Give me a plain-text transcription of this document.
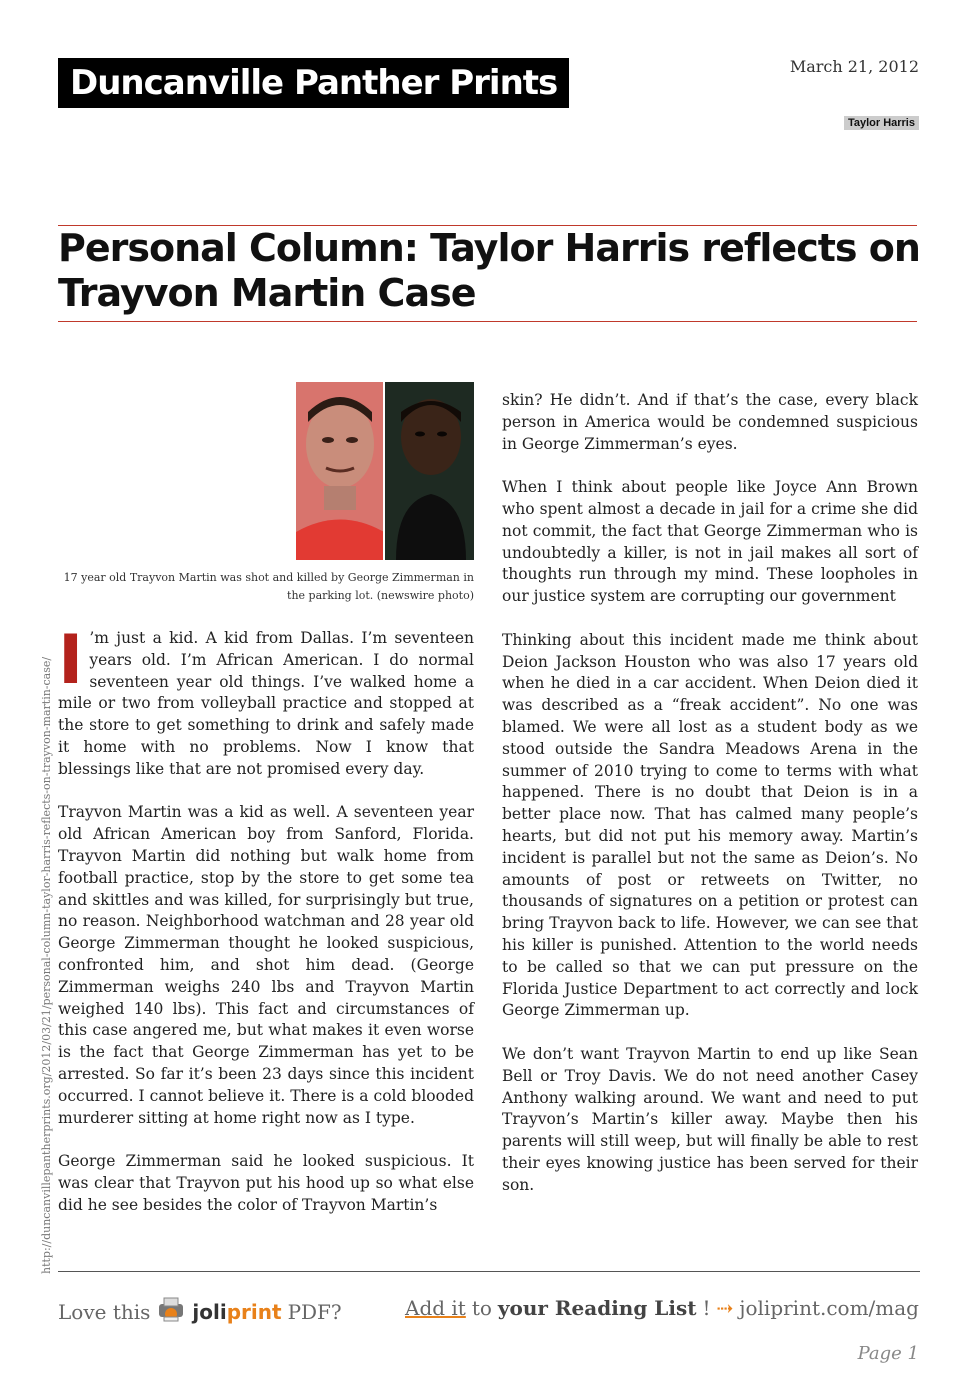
Duncanville Panther Prints	March 21, 2012
Taylor Harris
Personal Column: Taylor Harris reflects on Trayvon Martin Case
http://duncanvillepantherprints.org/2012/03/21/personal-column-taylor-harris-reflects-on-trayvon-martin-case/
17 year old Trayvon Martin was shot and killed by George Zimmerman in the parking lot. (newswire photo)

I ’m just a kid. A kid from Dallas. I’m seventeen years old. I’m African American. I do normal seventeen year old things. I’ve walked home a mile or two from volleyball practice and stopped at the store to get something to drink and safely made it home with no problems. Now I know that blessings like that are not promised every day.

Trayvon Martin was a kid as well. A seventeen year old African American boy from Sanford, Florida. Trayvon Martin did nothing but walk home from football practice, stop by the store to get some tea and skittles and was killed, for surprisingly but true, no reason. Neighborhood watchman and 28 year old George Zimmerman thought he looked suspicious, confronted him, and shot him dead. (George Zimmerman weighs 240 lbs and Trayvon Martin weighed 140 lbs). This fact and circumstances of this case angered me, but what makes it even worse is the fact that George Zimmerman has yet to be arrested. So far it’s been 23 days since this incident occurred. I cannot believe it. There is a cold blooded murderer sitting at home right now as I type.

George Zimmerman said he looked suspicious. It was clear that Trayvon put his hood up so what else did he see besides the color of Trayvon Martin’s

skin? He didn’t. And if that’s the case, every black person in America would be condemned suspicious in George Zimmerman’s eyes.

When I think about people like Joyce Ann Brown who spent almost a decade in jail for a crime she did not commit, the fact that George Zimmerman who is undoubtedly a killer, is not in jail makes all sort of thoughts run through my mind. These loopholes in our justice system are corrupting our government

Thinking about this incident made me think about Deion Jackson Houston who was also 17 years old when he died in a car accident. When Deion died it was described as a “freak accident”. No one was blamed. We were all lost as a student body as we stood outside the Sandra Meadows Arena in the summer of 2010 trying to come to terms with what happened. There is no doubt that Deion is in a better place now. That has calmed many people’s hearts, but did not put his memory away. Martin’s incident is parallel but not the same as Deion’s. No amounts of post or retweets on Twitter, no thousands of signatures on a petition or protest can bring Trayvon back to life. However, we can see that his killer is punished. Attention to the world needs to be called so that we can put pressure on the Florida Justice Department to act correctly and lock George Zimmerman up.

We don’t want Trayvon Martin to end up like Sean Bell or Troy Davis. We do not need another Casey Anthony walking around. We want and need to put Trayvon’s Martin’s killer away. Maybe then his parents will still weep, but will finally be able to rest their eyes knowing justice has been served for their son.

Love this joliprint PDF?	Add it to your Reading List ! ⇢ joliprint.com/mag
Page 1
